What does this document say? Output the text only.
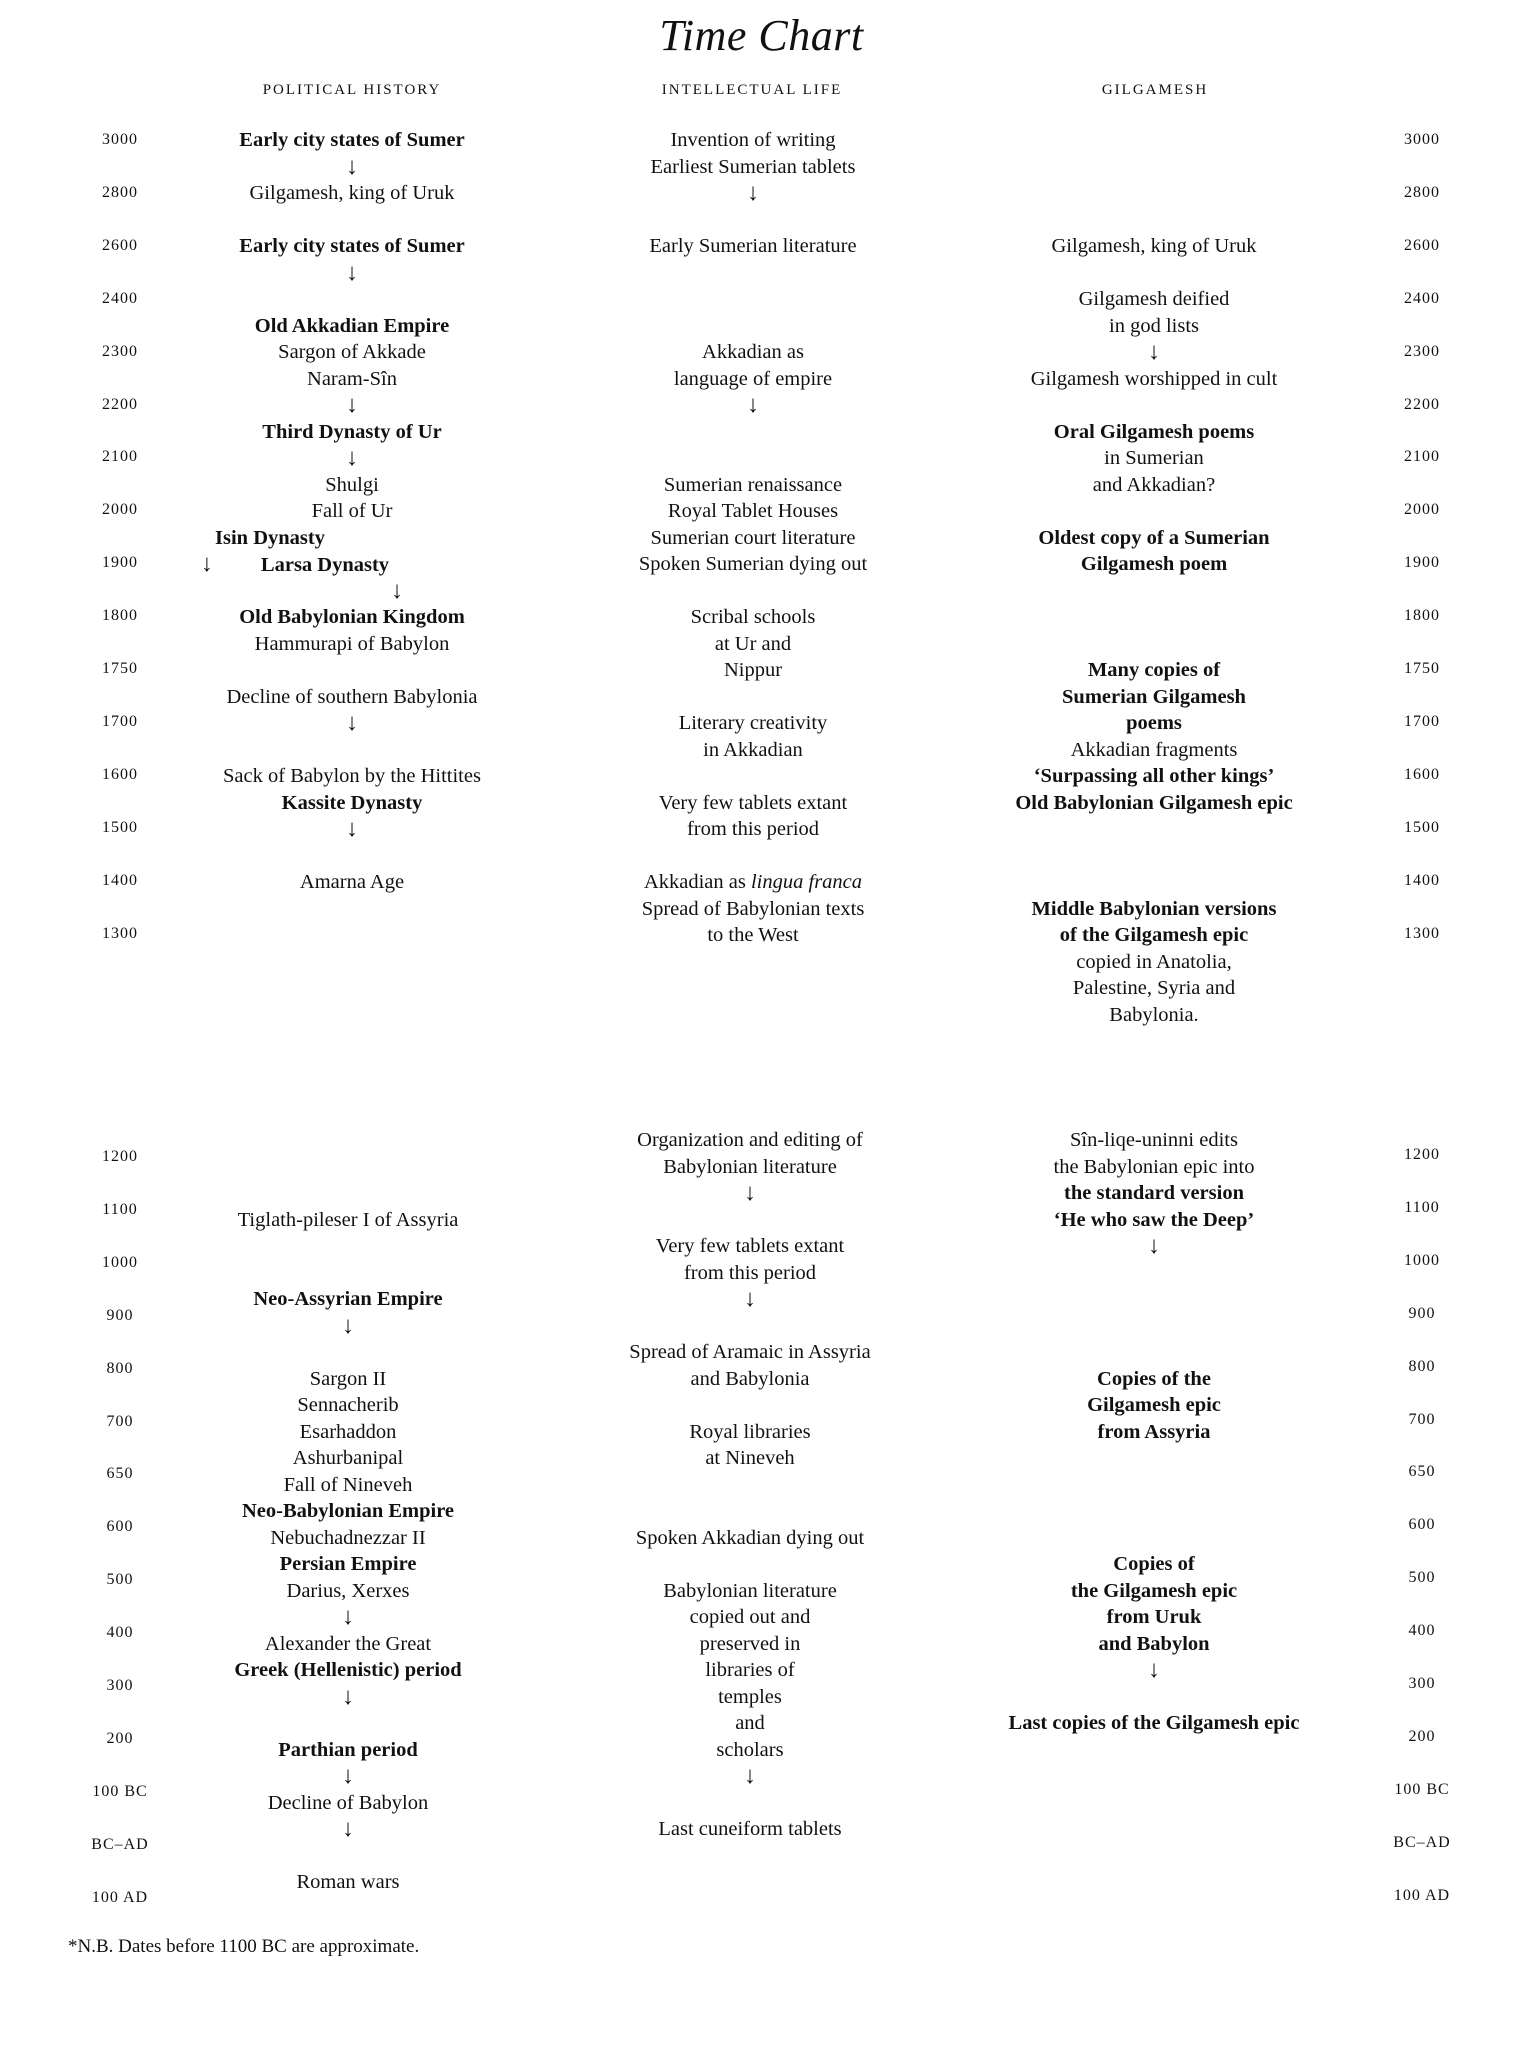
Time Chart
POLITICAL HISTORY	INTELLECTUAL LIFE	GILGAMESH
3000
2800
2600
2400
2300
2200
2100
2000
1900
1800
1750
1700
1600
1500
1400
1300
3000
2800
2600
2400
2300
2200
2100
2000
1900
1800
1750
1700
1600
1500
1400
1300
1200
1100
1000
900
800
700
650
600
500
400
300
200
100 BC
BC–AD
100 AD
1200
1100
1000
900
800
700
650
600
500
400
300
200
100 BC
BC–AD
100 AD
Early city states of Sumer
↓
Gilgamesh, king of Uruk
Early city states of Sumer
↓
Old Akkadian Empire
Sargon of Akkade
Naram-Sîn
↓
Third Dynasty of Ur
↓
Shulgi
Fall of Ur
Isin Dynasty
↓ Larsa Dynasty
↓
Old Babylonian Kingdom
Hammurapi of Babylon
Decline of southern Babylonia
↓
Sack of Babylon by the Hittites
Kassite Dynasty
↓
Amarna Age
Invention of writing
Earliest Sumerian tablets
↓
Early Sumerian literature
Akkadian as
language of empire
↓
Sumerian renaissance
Royal Tablet Houses
Sumerian court literature
Spoken Sumerian dying out
Scribal schools
at Ur and
Nippur
Literary creativity
in Akkadian
Very few tablets extant
from this period
Akkadian as lingua franca
Spread of Babylonian texts
to the West
Gilgamesh, king of Uruk
Gilgamesh deified
in god lists
↓
Gilgamesh worshipped in cult
Oral Gilgamesh poems
in Sumerian
and Akkadian?
Oldest copy of a Sumerian
Gilgamesh poem
Many copies of
Sumerian Gilgamesh
poems
Akkadian fragments
‘Surpassing all other kings’
Old Babylonian Gilgamesh epic
Middle Babylonian versions
of the Gilgamesh epic
copied in Anatolia,
Palestine, Syria and
Babylonia.
Tiglath-pileser I of Assyria
Neo-Assyrian Empire
↓
Sargon II
Sennacherib
Esarhaddon
Ashurbanipal
Fall of Nineveh
Neo-Babylonian Empire
Nebuchadnezzar II
Persian Empire
Darius, Xerxes
↓
Alexander the Great
Greek (Hellenistic) period
↓
Parthian period
↓
Decline of Babylon
↓
Roman wars
Organization and editing of
Babylonian literature
↓
Very few tablets extant
from this period
↓
Spread of Aramaic in Assyria
and Babylonia
Royal libraries
at Nineveh
Spoken Akkadian dying out
Babylonian literature
copied out and
preserved in
libraries of
temples
and
scholars
↓
Last cuneiform tablets
Sîn-liqe-uninni edits
the Babylonian epic into
the standard version
‘He who saw the Deep’
↓
Copies of the
Gilgamesh epic
from Assyria
Copies of
the Gilgamesh epic
from Uruk
and Babylon
↓
Last copies of the Gilgamesh epic
*N.B. Dates before 1100 BC are approximate.
